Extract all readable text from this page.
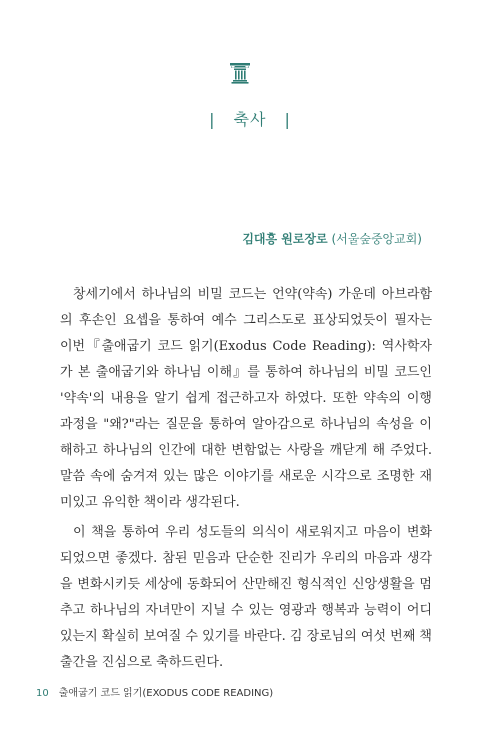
| 축사 |
김대흥 원로장로 (서울숲중앙교회)

창세기에서 하나님의 비밀 코드는 언약(약속) 가운데 아브라함의 후손인 요셉을 통하여 예수 그리스도로 표상되었듯이 필자는 이번『출애굽기 코드 읽기(Exodus Code Reading): 역사학자가 본 출애굽기와 하나님 이해』를 통하여 하나님의 비밀 코드인 '약속'의 내용을 알기 쉽게 접근하고자 하였다. 또한 약속의 이행 과정을 "왜?"라는 질문을 통하여 알아감으로 하나님의 속성을 이해하고 하나님의 인간에 대한 변함없는 사랑을 깨닫게 해 주었다. 말씀 속에 숨겨져 있는 많은 이야기를 새로운 시각으로 조명한 재미있고 유익한 책이라 생각된다.

이 책을 통하여 우리 성도들의 의식이 새로워지고 마음이 변화되었으면 좋겠다. 참된 믿음과 단순한 진리가 우리의 마음과 생각을 변화시키듯 세상에 동화되어 산만해진 형식적인 신앙생활을 멈추고 하나님의 자녀만이 지닐 수 있는 영광과 행복과 능력이 어디 있는지 확실히 보여질 수 있기를 바란다. 김 장로님의 여섯 번째 책 출간을 진심으로 축하드린다.

10 출애굽기 코드 읽기(EXODUS CODE READING)
